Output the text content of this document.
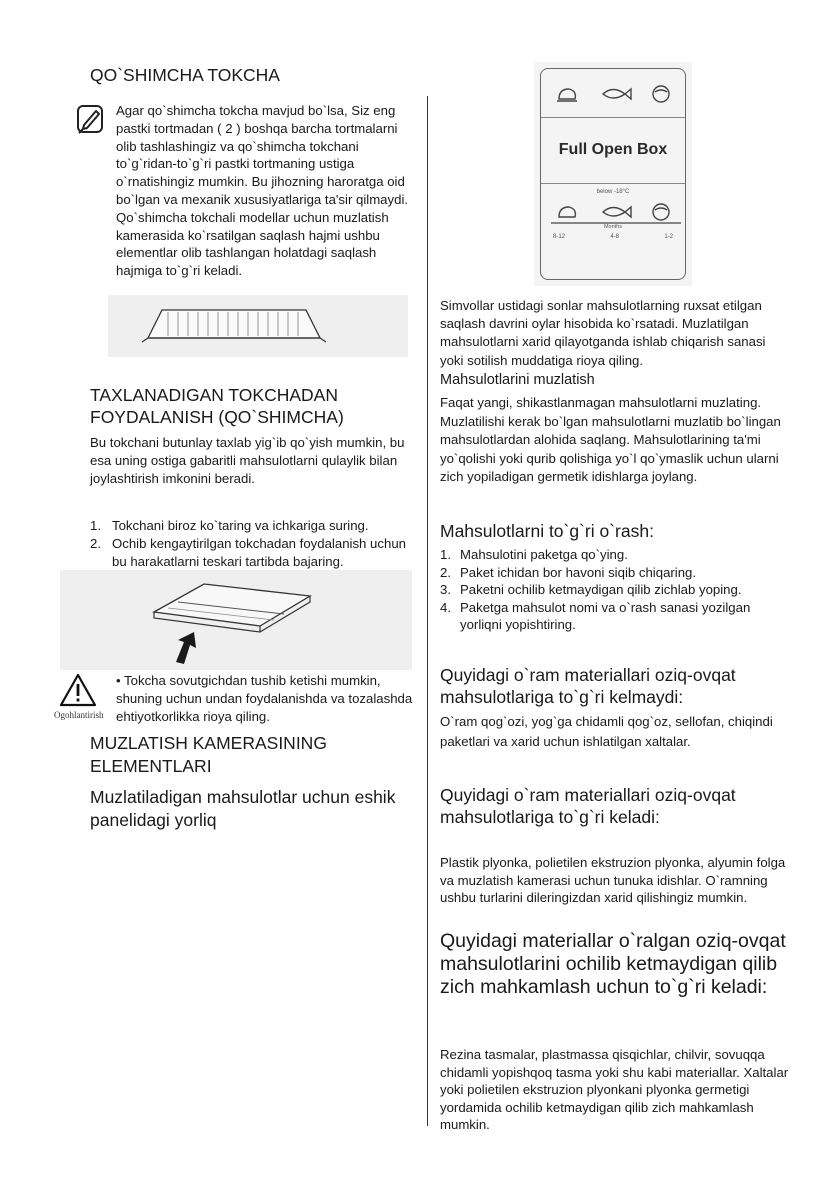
QO`SHIMCHA TOKCHA
Agar qo`shimcha tokcha mavjud bo`lsa, Siz eng pastki tortmadan ( 2 ) boshqa barcha tortmalarni olib tashlashingiz va qo`shimcha tokchani to`g`ridan-to`g`ri pastki tortmaning ustiga o`rnatishingiz mumkin. Bu jihozning haroratga oid bo`lgan va mexanik xususiyatlariga ta'sir qilmaydi. Qo`shimcha tokchali modellar uchun muzlatish kamerasida ko`rsatilgan saqlash hajmi ushbu elementlar olib tashlangan holatdagi saqlash hajmiga to`g`ri keladi.
TAXLANADIGAN TOKCHADAN
FOYDALANISH (QO`SHIMCHA)
Bu tokchani butunlay taxlab yig`ib qo`yish mumkin, bu esa uning ostiga gabaritli mahsulotlarni qulaylik bilan joylashtirish imkonini beradi.
1. Tokchani biroz ko`taring va ichkariga suring.
2. Ochib kengaytirilgan tokchadan foydalanish uchun bu harakatlarni teskari tartibda bajaring.
Ogohlantirish
• Tokcha sovutgichdan tushib ketishi mumkin, shuning uchun undan foydalanishda va tozalashda ehtiyotkorlikka rioya qiling.
MUZLATISH KAMERASINING
ELEMENTLARI
Muzlatiladigan mahsulotlar uchun eshik panelidagi yorliq
Full Open Box
below -18°C
Months
8-12	4-8	1-2
Simvollar ustidagi sonlar mahsulotlarning ruxsat etilgan saqlash davrini oylar hisobida ko`rsatadi. Muzlatilgan mahsulotlarni xarid qilayotganda ishlab chiqarish sanasi yoki sotilish muddatiga rioya qiling.
Mahsulotlarini muzlatish
Faqat yangi, shikastlanmagan mahsulotlarni muzlating. Muzlatilishi kerak bo`lgan mahsulotlarni muzlatib bo`lingan mahsulotlardan alohida saqlang. Mahsulotlarining ta'mi yo`qolishi yoki qurib qolishiga yo`l qo`ymaslik uchun ularni zich yopiladigan germetik idishlarga joylang.
Mahsulotlarni to`g`ri o`rash:
1. Mahsulotini paketga qo`ying.
2. Paket ichidan bor havoni siqib chiqaring.
3. Paketni ochilib ketmaydigan qilib zichlab yoping.
4. Paketga mahsulot nomi va o`rash sanasi yozilgan yorliqni yopishtiring.
Quyidagi o`ram materiallari oziq-ovqat mahsulotlariga to`g`ri kelmaydi:
O`ram qog`ozi, yog`ga chidamli qog`oz, sellofan, chiqindi paketlari va xarid uchun ishlatilgan xaltalar.
Quyidagi o`ram materiallari oziq-ovqat mahsulotlariga to`g`ri keladi:
Plastik plyonka, polietilen ekstruzion plyonka, alyumin folga va muzlatish kamerasi uchun tunuka idishlar. O`ramning ushbu turlarini dileringizdan xarid qilishingiz mumkin.
Quyidagi materiallar o`ralgan oziq-ovqat mahsulotlarini ochilib ketmaydigan qilib zich mahkamlash uchun to`g`ri keladi:
Rezina tasmalar, plastmassa qisqichlar, chilvir, sovuqqa chidamli yopishqoq tasma yoki shu kabi materiallar. Xaltalar yoki polietilen ekstruzion plyonkani plyonka germetigi yordamida ochilib ketmaydigan qilib zich mahkamlash mumkin.
